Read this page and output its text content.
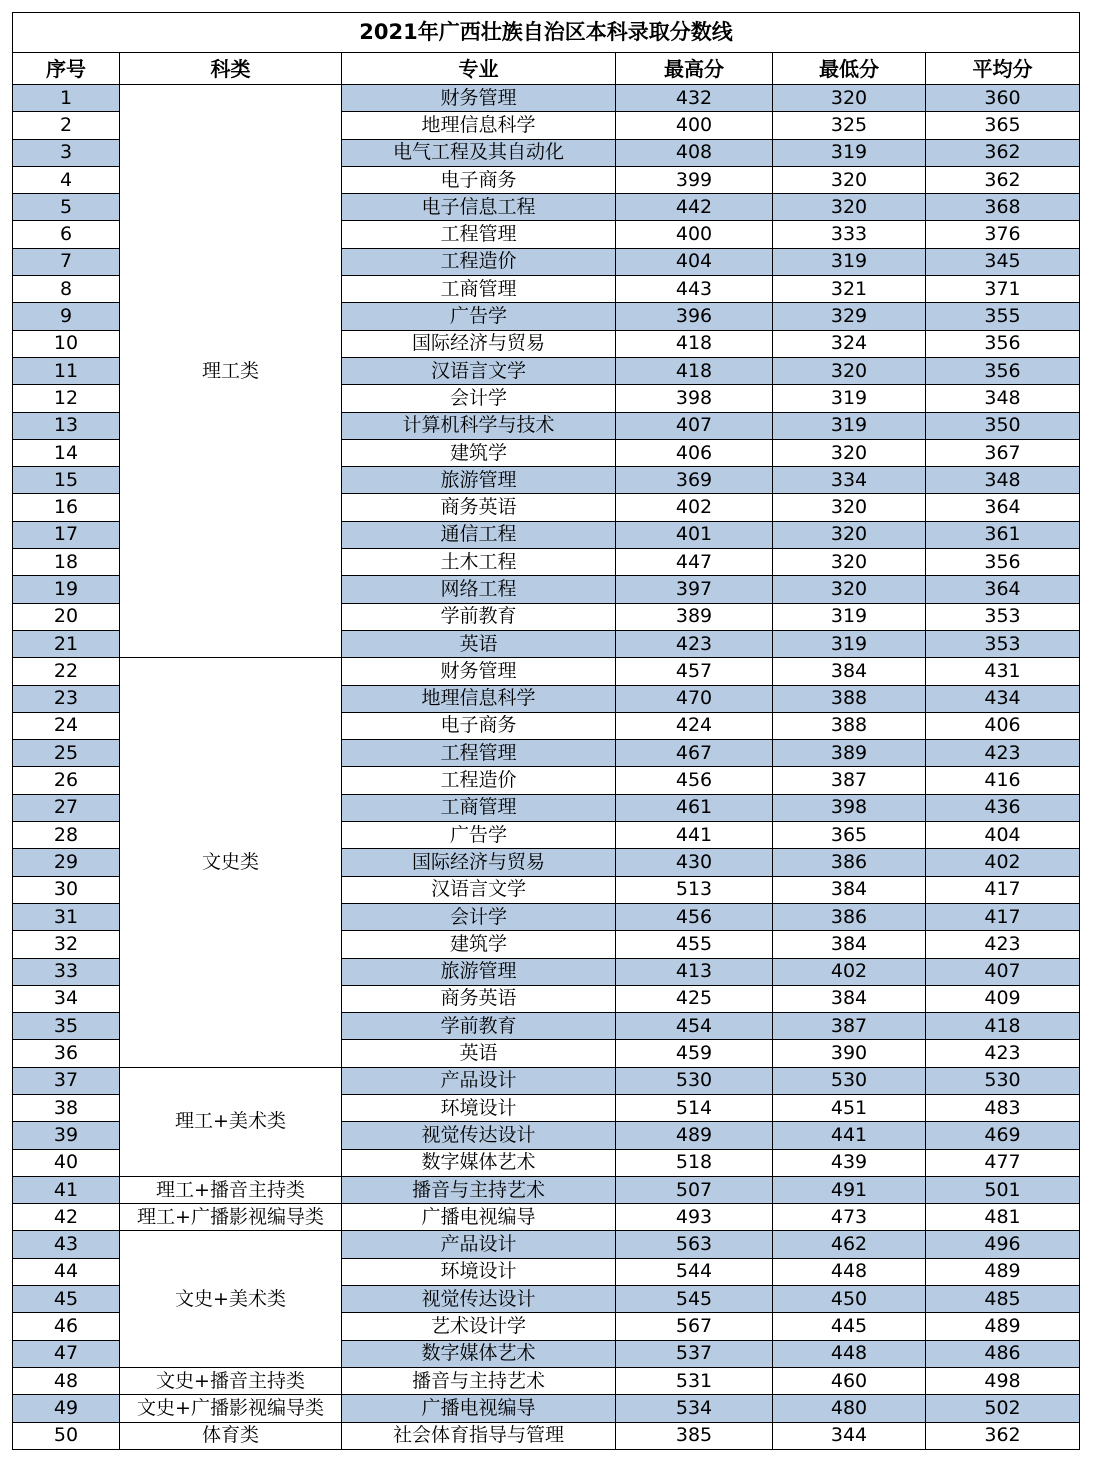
2021年广西壮族自治区本科录取分数线					
序号	科类	专业	最高分	最低分	平均分
1	理工类	财务管理	432	320	360
2		地理信息科学	400	325	365
3		电气工程及其自动化	408	319	362
4		电子商务	399	320	362
5		电子信息工程	442	320	368
6		工程管理	400	333	376
7		工程造价	404	319	345
8		工商管理	443	321	371
9		广告学	396	329	355
10		国际经济与贸易	418	324	356
11		汉语言文学	418	320	356
12		会计学	398	319	348
13		计算机科学与技术	407	319	350
14		建筑学	406	320	367
15		旅游管理	369	334	348
16		商务英语	402	320	364
17		通信工程	401	320	361
18		土木工程	447	320	356
19		网络工程	397	320	364
20		学前教育	389	319	353
21		英语	423	319	353
22	文史类	财务管理	457	384	431
23		地理信息科学	470	388	434
24		电子商务	424	388	406
25		工程管理	467	389	423
26		工程造价	456	387	416
27		工商管理	461	398	436
28		广告学	441	365	404
29		国际经济与贸易	430	386	402
30		汉语言文学	513	384	417
31		会计学	456	386	417
32		建筑学	455	384	423
33		旅游管理	413	402	407
34		商务英语	425	384	409
35		学前教育	454	387	418
36		英语	459	390	423
37	理工+美术类	产品设计	530	530	530
38		环境设计	514	451	483
39		视觉传达设计	489	441	469
40		数字媒体艺术	518	439	477
41	理工+播音主持类	播音与主持艺术	507	491	501
42	理工+广播影视编导类	广播电视编导	493	473	481
43	文史+美术类	产品设计	563	462	496
44		环境设计	544	448	489
45		视觉传达设计	545	450	485
46		艺术设计学	567	445	489
47		数字媒体艺术	537	448	486
48	文史+播音主持类	播音与主持艺术	531	460	498
49	文史+广播影视编导类	广播电视编导	534	480	502
50	体育类	社会体育指导与管理	385	344	362
